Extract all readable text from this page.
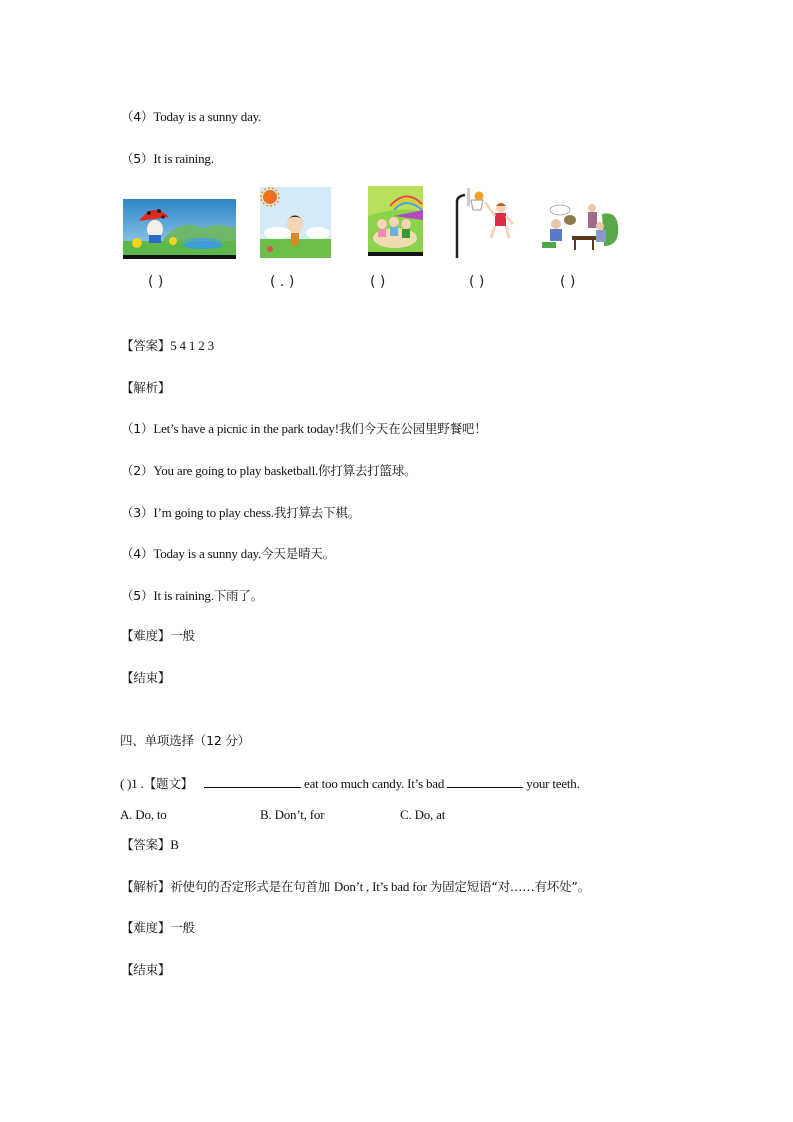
（4）Today is a sunny day.
（5）It is raining.
( )	( . )	( )	( )	( )
【答案】5 4 1 2 3
【解析】
（1）Let’s have a picnic in the park today!我们今天在公园里野餐吧！
（2）You are going to play basketball.你打算去打篮球。
（3）I’m going to play chess.我打算去下棋。
（4）Today is a sunny day.今天是晴天。
（5）It is raining.下雨了。
【难度】一般
【结束】
四、单项选择（12 分）
( )1 .【题文】	eat too much candy. It’s bad	your teeth.
A. Do, to	B. Don’t, for	C. Do, at
【答案】B
【解析】祈使句的否定形式是在句首加 Don’t , It’s bad for 为固定短语“对……有坏处”。
【难度】一般
【结束】
